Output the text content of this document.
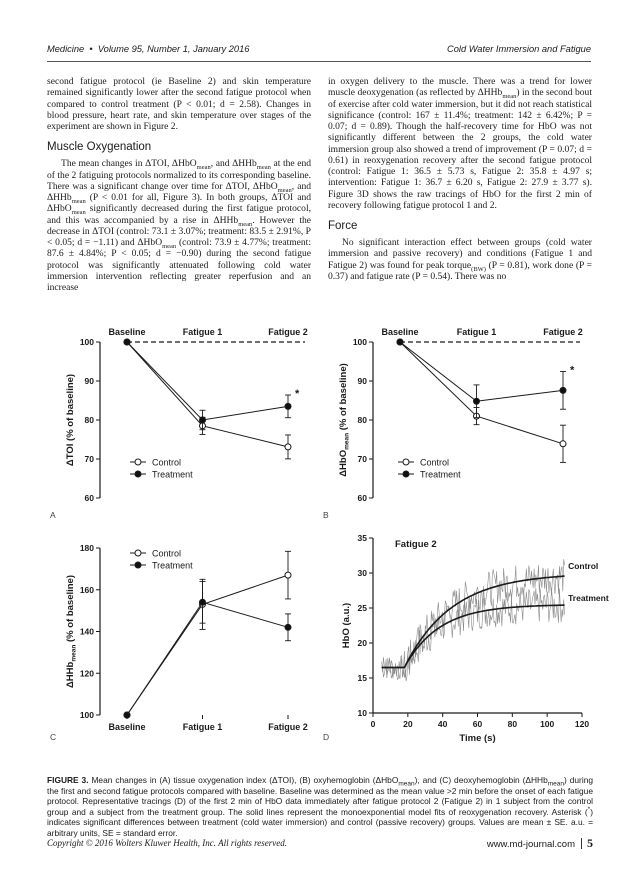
Medicine  •  Volume 95, Number 1, January 2016	Cold Water Immersion and Fatigue

second fatigue protocol (ie Baseline 2) and skin temperature remained significantly lower after the second fatigue protocol when compared to control treatment (P < 0.01; d = 2.58). Changes in blood pressure, heart rate, and skin temperature over stages of the experiment are shown in Figure 2.

Muscle Oxygenation

The mean changes in ΔTOI, ΔHbO$_{mean}$, and ΔHHb$_{mean}$ at the end of the 2 fatiguing protocols normalized to its corresponding baseline. There was a significant change over time for ΔTOI, ΔHbO$_{mean}$, and ΔHHb$_{mean}$ (P < 0.01 for all, Figure 3). In both groups, ΔTOI and ΔHbO$_{mean}$ significantly decreased during the first fatigue protocol, and this was accompanied by a rise in ΔHHb$_{mean}$. However the decrease in ΔTOI (control: 73.1 ± 3.07%; treatment: 83.5 ± 2.91%, P < 0.05; d = −1.11) and ΔHbO$_{mean}$ (control: 73.9 ± 4.77%; treatment: 87.6 ± 4.84%; P < 0.05; d = −0.90) during the second fatigue protocol was significantly attenuated following cold water immersion intervention reflecting greater reperfusion and an increase

in oxygen delivery to the muscle. There was a trend for lower muscle deoxygenation (as reflected by ΔHHb$_{mean}$) in the second bout of exercise after cold water immersion, but it did not reach statistical significance (control: 167 ± 11.4%; treatment: 142 ± 6.42%; P = 0.07; d = 0.89). Though the half-recovery time for HbO was not significantly different between the 2 groups, the cold water immersion group also showed a trend of improvement (P = 0.07; d = 0.61) in reoxygenation recovery after the second fatigue protocol (control: Fatigue 1: 36.5 ± 5.73 s, Fatigue 2: 35.8 ± 4.97 s; intervention: Fatigue 1: 36.7 ± 6.20 s, Fatigue 2: 27.9 ± 3.77 s). Figure 3D shows the raw tracings of HbO for the first 2 min of recovery following fatigue protocol 1 and 2.

Force

No significant interaction effect between groups (cold water immersion and passive recovery) and conditions (Fatigue 1 and Fatigue 2) was found for peak torque$_{(BW)}$ (P = 0.81), work done (P = 0.37) and fatigue rate (P = 0.54). There was no

100
90
80
70
60
Baseline	Fatigue 1	Fatigue 2
*
ΔTOI (% of baseline)	Control
Treatment
A
100
90
80
70
60
Baseline	Fatigue 1	Fatigue 2
*
ΔHbO$_{mean}$ (% of baseline)
Control
Treatment
B
180
160
140
120
100
Baseline	Fatigue 1	Fatigue 2
ΔHHb$_{mean}$ (% of baseline)
Control
Treatment
C
35
30
25
20
15
10
0	20	40	60	80	100 120
Time (s)
HbO (a.u.)
Fatigue 2
D
Control
Treatment
FIGURE 3. Mean changes in (A) tissue oxygenation index (ΔTOI), (B) oxyhemoglobin (ΔHbO$_{mean}$), and (C) deoxyhemoglobin (ΔHHb$_{mean}$) during the first and second fatigue protocols compared with baseline. Baseline was determined as the mean value >2 min before the onset of each fatigue protocol. Representative tracings (D) of the first 2 min of HbO data immediately after fatigue protocol 2 (Fatigue 2) in 1 subject from the control group and a subject from the treatment group. The solid lines represent the monoexponential model fits of reoxygenation recovery. Asterisk (*) indicates significant differences between treatment (cold water immersion) and control (passive recovery) groups. Values are mean ± SE. a.u. = arbitrary units, SE = standard error.
Copyright © 2016 Wolters Kluwer Health, Inc. All rights reserved.	www.md-journal.com 5
